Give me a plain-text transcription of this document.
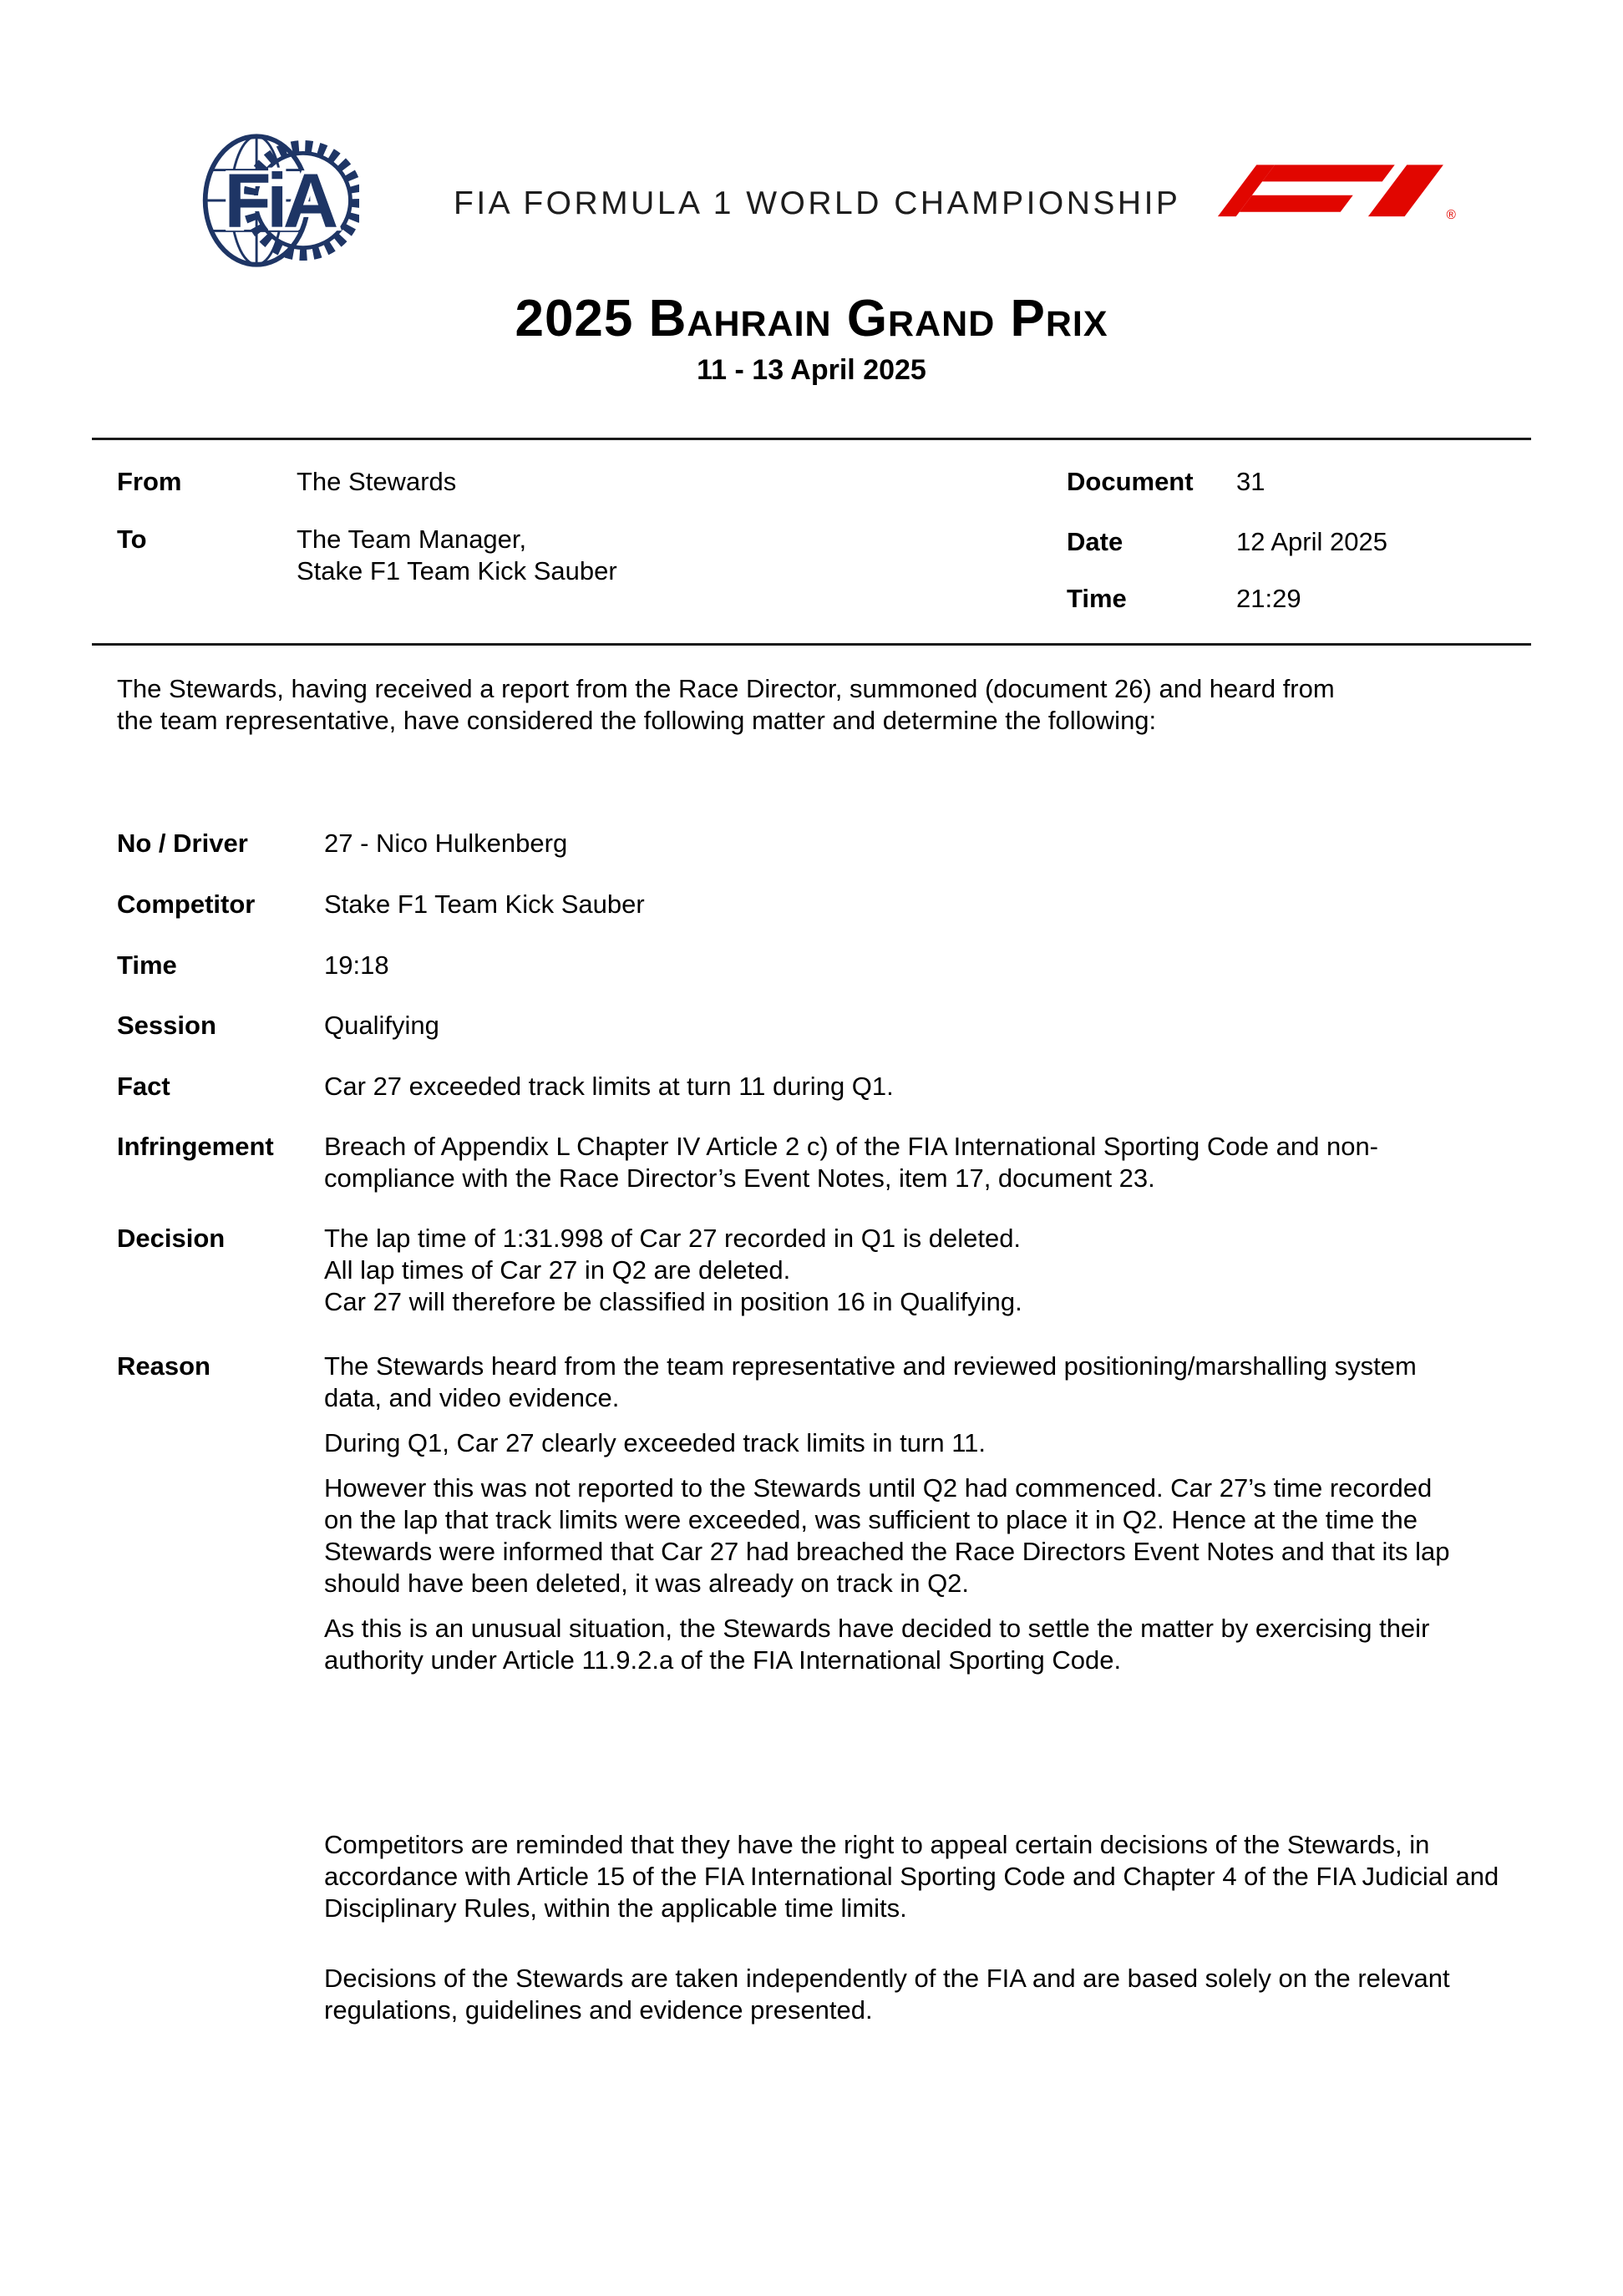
FiA	FIA FORMULA 1 WORLD CHAMPIONSHIP	®
2025 Bahrain Grand Prix
11 - 13 April 2025
From	The Stewards
To	The Team Manager,
Stake F1 Team Kick Sauber
Document	31
Date	12 April 2025
Time	21:29
The Stewards, having received a report from the Race Director, summoned (document 26) and heard from the team representative, have considered the following matter and determine the following:
No / Driver	27 - Nico Hulkenberg
Competitor	Stake F1 Team Kick Sauber
Time	19:18
Session	Qualifying
Fact	Car 27 exceeded track limits at turn 11 during Q1.
Infringement	Breach of Appendix L Chapter IV Article 2 c) of the FIA International Sporting Code and non-compliance with the Race Director’s Event Notes, item 17, document 23.
Decision	The lap time of 1:31.998 of Car 27 recorded in Q1 is deleted.
All lap times of Car 27 in Q2 are deleted.
Car 27 will therefore be classified in position 16 in Qualifying.
Reason	The Stewards heard from the team representative and reviewed positioning/marshalling system data, and video evidence.

During Q1, Car 27 clearly exceeded track limits in turn 11.

However this was not reported to the Stewards until Q2 had commenced. Car 27’s time recorded on the lap that track limits were exceeded, was sufficient to place it in Q2. Hence at the time the Stewards were informed that Car 27 had breached the Race Directors Event Notes and that its lap should have been deleted, it was already on track in Q2.

As this is an unusual situation, the Stewards have decided to settle the matter by exercising their authority under Article 11.9.2.a of the FIA International Sporting Code.

Competitors are reminded that they have the right to appeal certain decisions of the Stewards, in accordance with Article 15 of the FIA International Sporting Code and Chapter 4 of the FIA Judicial and Disciplinary Rules, within the applicable time limits.
Decisions of the Stewards are taken independently of the FIA and are based solely on the relevant regulations, guidelines and evidence presented.
